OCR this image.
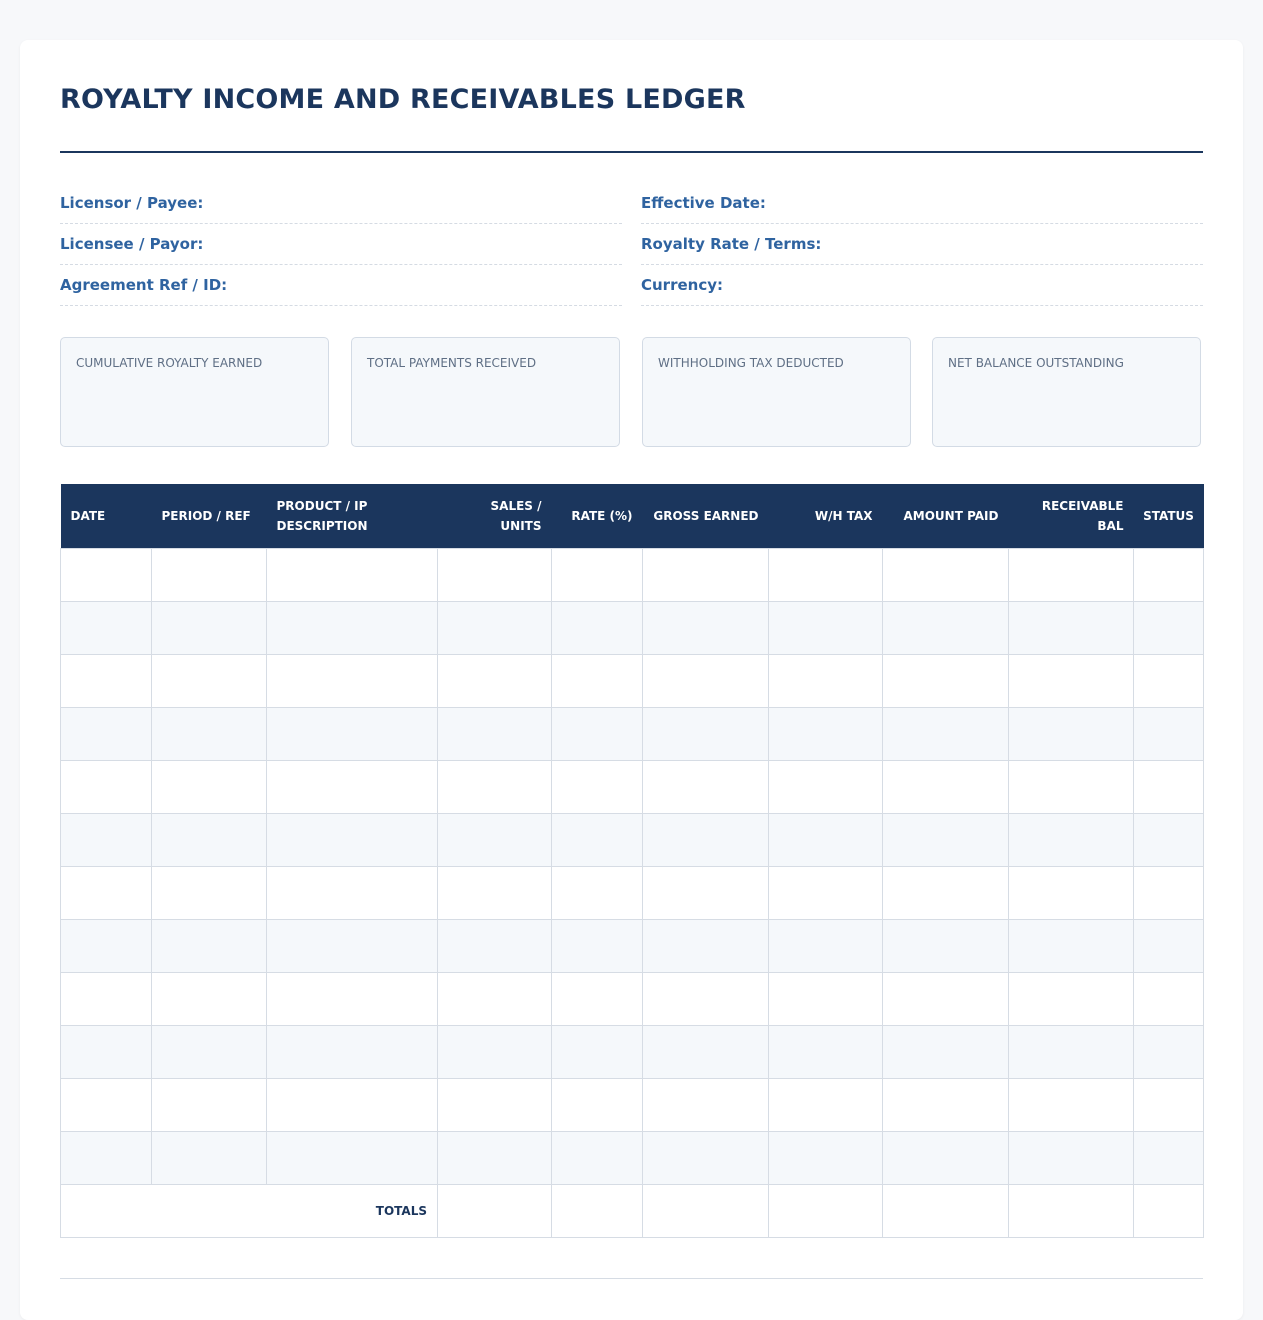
ROYALTY INCOME AND RECEIVABLES LEDGER
Licensor / Payee:
Licensee / Payor:
Agreement Ref / ID:
Effective Date:
Royalty Rate / Terms:
Currency:
CUMULATIVE ROYALTY EARNED	TOTAL PAYMENTS RECEIVED	WITHHOLDING TAX DEDUCTED	NET BALANCE OUTSTANDING
DATE	PERIOD / REF	PRODUCT / IP DESCRIPTION	SALES / UNITS	RATE (%)	GROSS EARNED	W/H TAX	AMOUNT PAID	RECEIVABLE BAL	STATUS

TOTALS									
